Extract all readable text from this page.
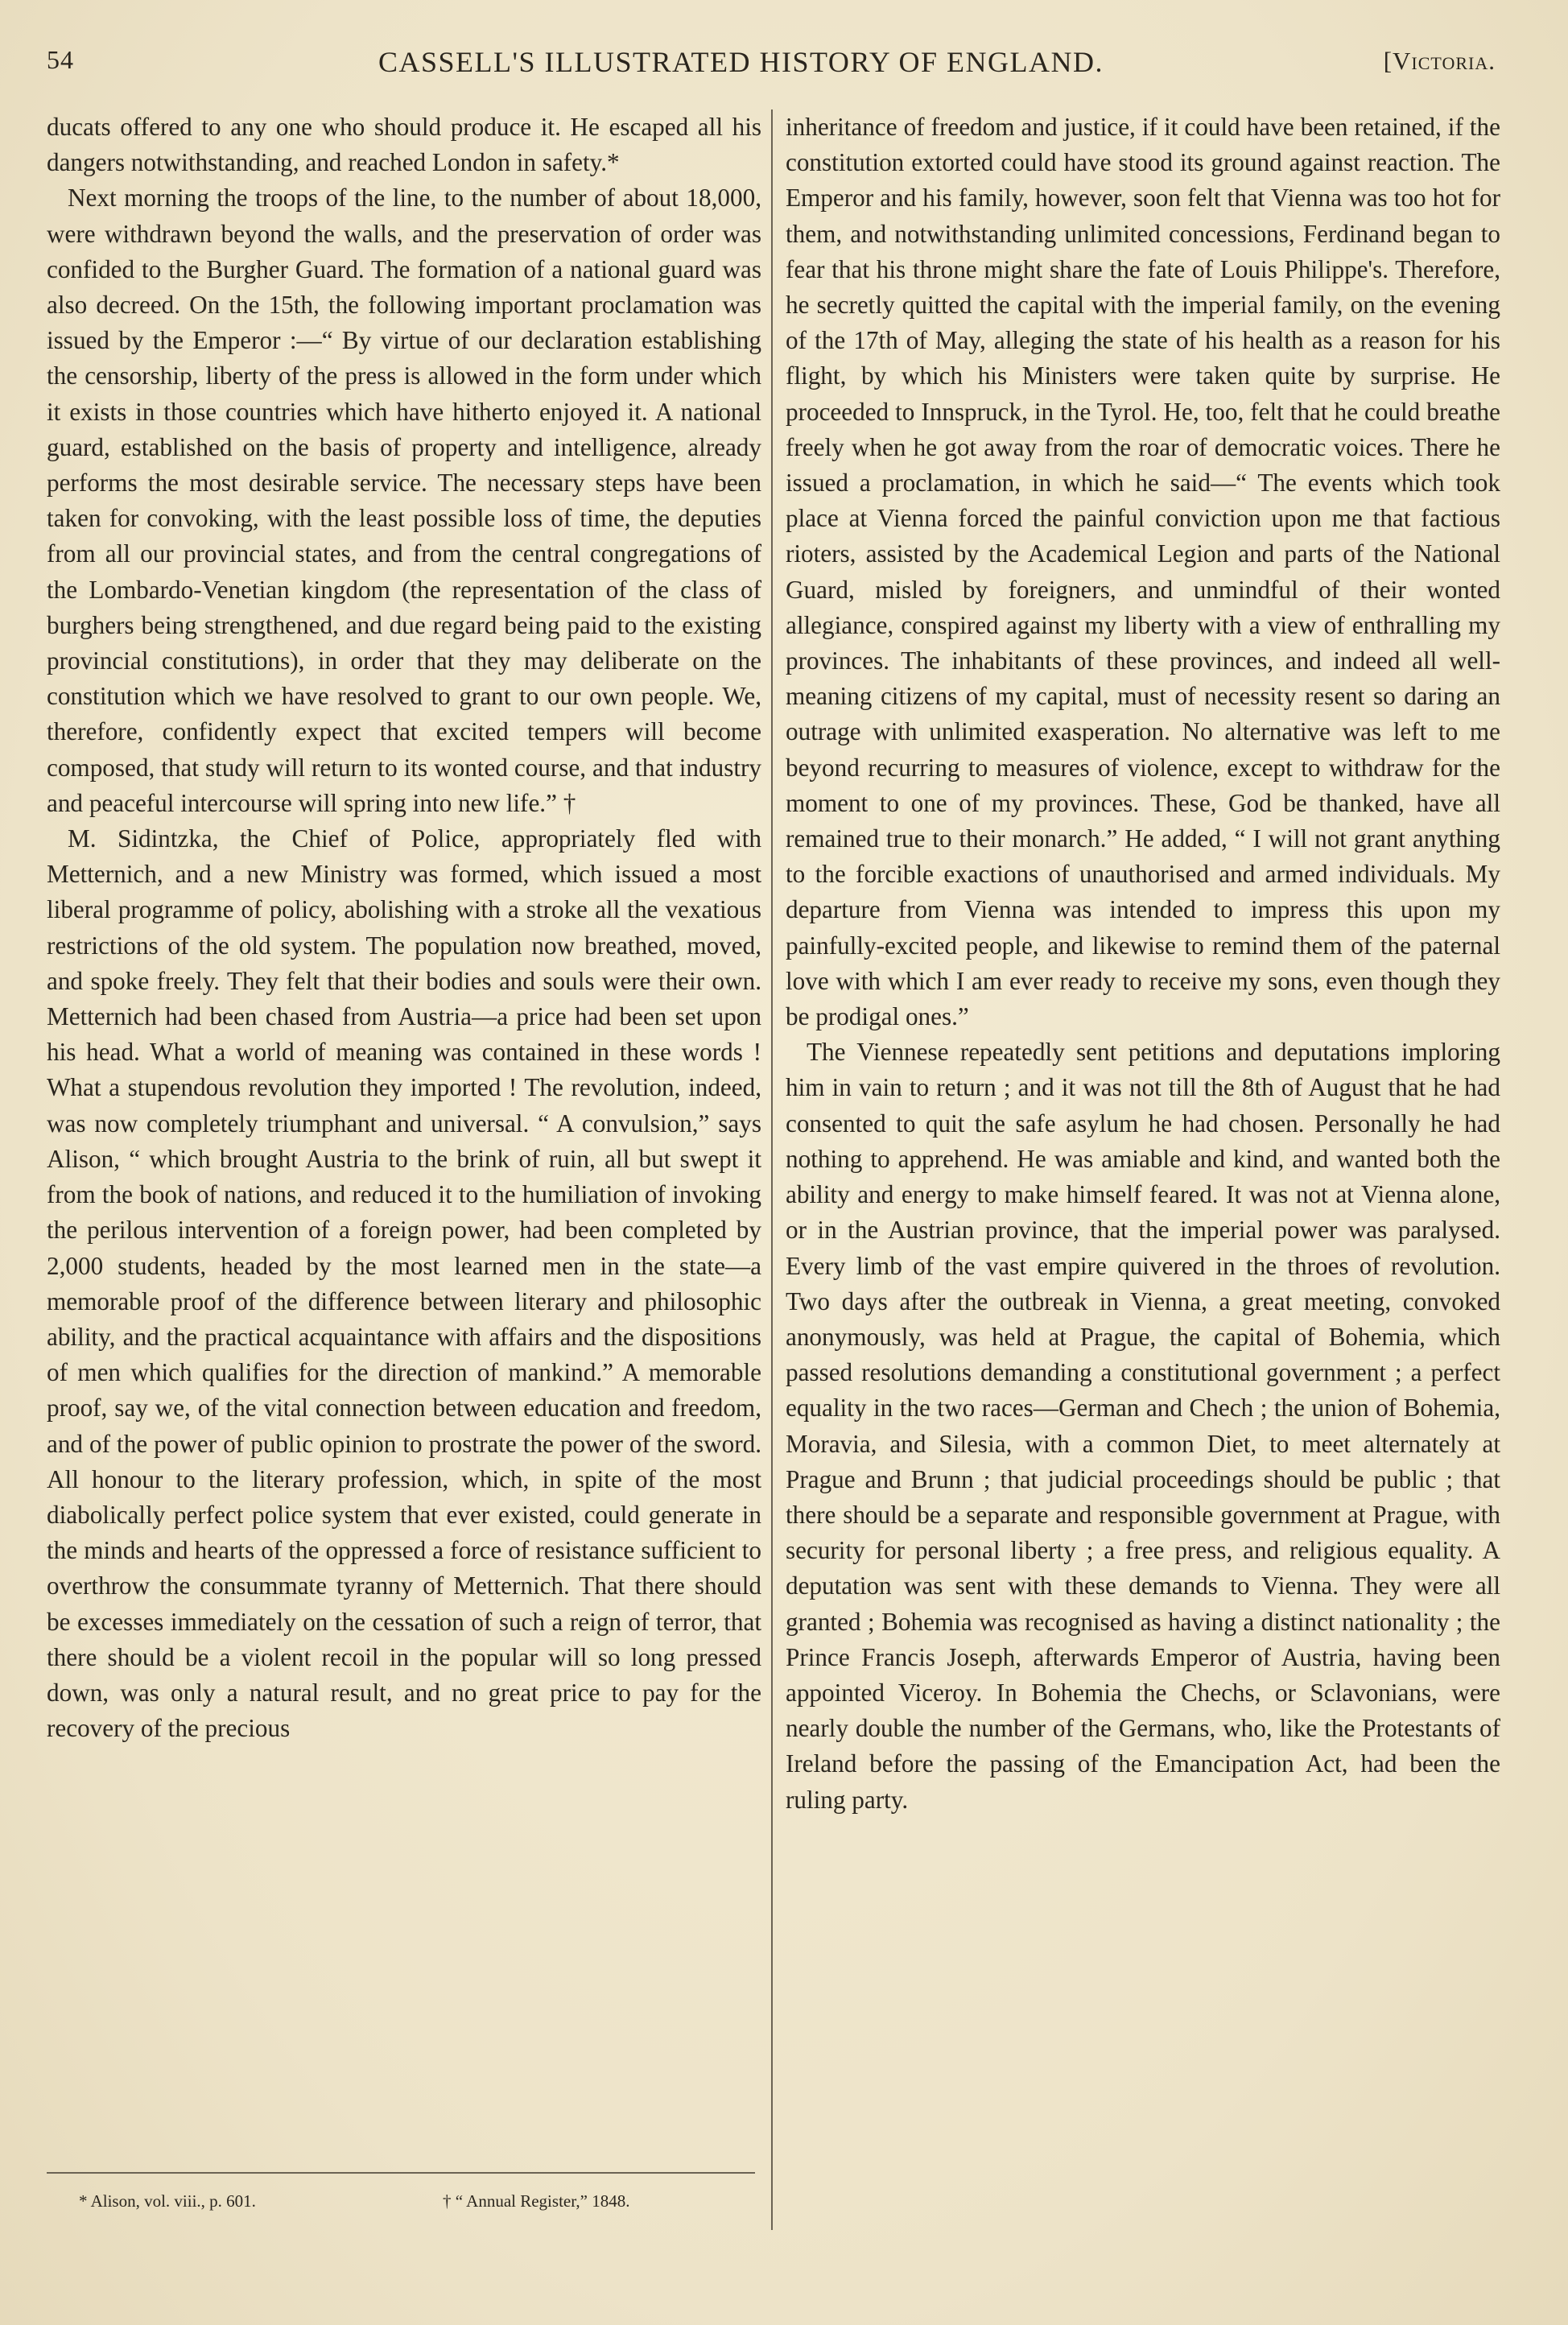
54	CASSELL'S ILLUSTRATED HISTORY OF ENGLAND.	[Victoria.

ducats offered to any one who should produce it. He escaped all his dangers notwithstanding, and reached London in safety.*

Next morning the troops of the line, to the number of about 18,000, were withdrawn beyond the walls, and the preservation of order was confided to the Burgher Guard. The formation of a national guard was also decreed. On the 15th, the following important proclamation was issued by the Emperor :—“ By virtue of our declaration establishing the censorship, liberty of the press is allowed in the form under which it exists in those countries which have hitherto enjoyed it. A national guard, established on the basis of property and intelligence, already performs the most desirable service. The necessary steps have been taken for convoking, with the least possible loss of time, the deputies from all our provincial states, and from the central congregations of the Lombardo-Venetian kingdom (the representation of the class of burghers being strengthened, and due regard being paid to the existing provincial constitutions), in order that they may deliberate on the constitution which we have resolved to grant to our own people. We, therefore, confidently expect that excited tempers will become composed, that study will return to its wonted course, and that industry and peaceful intercourse will spring into new life.” †

M. Sidintzka, the Chief of Police, appropriately fled with Metternich, and a new Ministry was formed, which issued a most liberal programme of policy, abolishing with a stroke all the vexatious restrictions of the old system. The population now breathed, moved, and spoke freely. They felt that their bodies and souls were their own. Metternich had been chased from Austria—a price had been set upon his head. What a world of meaning was contained in these words ! What a stupendous revolution they imported ! The revolution, indeed, was now completely triumphant and universal. “ A convulsion,” says Alison, “ which brought Austria to the brink of ruin, all but swept it from the book of nations, and reduced it to the humiliation of invoking the perilous intervention of a foreign power, had been completed by 2,000 students, headed by the most learned men in the state—a memorable proof of the difference between literary and philosophic ability, and the practical acquaintance with affairs and the dispositions of men which qualifies for the direction of mankind.” A memorable proof, say we, of the vital connection between education and freedom, and of the power of public opinion to prostrate the power of the sword. All honour to the literary profession, which, in spite of the most diabolically perfect police system that ever existed, could generate in the minds and hearts of the oppressed a force of resistance sufficient to overthrow the consummate tyranny of Metternich. That there should be excesses immediately on the cessation of such a reign of terror, that there should be a violent recoil in the popular will so long pressed down, was only a natural result, and no great price to pay for the recovery of the precious

inheritance of freedom and justice, if it could have been retained, if the constitution extorted could have stood its ground against reaction. The Emperor and his family, however, soon felt that Vienna was too hot for them, and notwithstanding unlimited concessions, Ferdinand began to fear that his throne might share the fate of Louis Philippe's. Therefore, he secretly quitted the capital with the imperial family, on the evening of the 17th of May, alleging the state of his health as a reason for his flight, by which his Ministers were taken quite by surprise. He proceeded to Innspruck, in the Tyrol. He, too, felt that he could breathe freely when he got away from the roar of democratic voices. There he issued a proclamation, in which he said—“ The events which took place at Vienna forced the painful conviction upon me that factious rioters, assisted by the Academical Legion and parts of the National Guard, misled by foreigners, and unmindful of their wonted allegiance, conspired against my liberty with a view of enthralling my provinces. The inhabitants of these provinces, and indeed all well-meaning citizens of my capital, must of necessity resent so daring an outrage with unlimited exasperation. No alternative was left to me beyond recurring to measures of violence, except to withdraw for the moment to one of my provinces. These, God be thanked, have all remained true to their monarch.” He added, “ I will not grant anything to the forcible exactions of unauthorised and armed individuals. My departure from Vienna was intended to impress this upon my painfully-excited people, and likewise to remind them of the paternal love with which I am ever ready to receive my sons, even though they be prodigal ones.”

The Viennese repeatedly sent petitions and deputations imploring him in vain to return ; and it was not till the 8th of August that he had consented to quit the safe asylum he had chosen. Personally he had nothing to apprehend. He was amiable and kind, and wanted both the ability and energy to make himself feared. It was not at Vienna alone, or in the Austrian province, that the imperial power was paralysed. Every limb of the vast empire quivered in the throes of revolution. Two days after the outbreak in Vienna, a great meeting, convoked anonymously, was held at Prague, the capital of Bohemia, which passed resolutions demanding a constitutional government ; a perfect equality in the two races—German and Chech ; the union of Bohemia, Moravia, and Silesia, with a common Diet, to meet alternately at Prague and Brunn ; that judicial proceedings should be public ; that there should be a separate and responsible government at Prague, with security for personal liberty ; a free press, and religious equality. A deputation was sent with these demands to Vienna. They were all granted ; Bohemia was recognised as having a distinct nationality ; the Prince Francis Joseph, afterwards Emperor of Austria, having been appointed Viceroy. In Bohemia the Chechs, or Sclavonians, were nearly double the number of the Germans, who, like the Protestants of Ireland before the passing of the Emancipation Act, had been the ruling party.

* Alison, vol. viii., p. 601.	† “ Annual Register,” 1848.
